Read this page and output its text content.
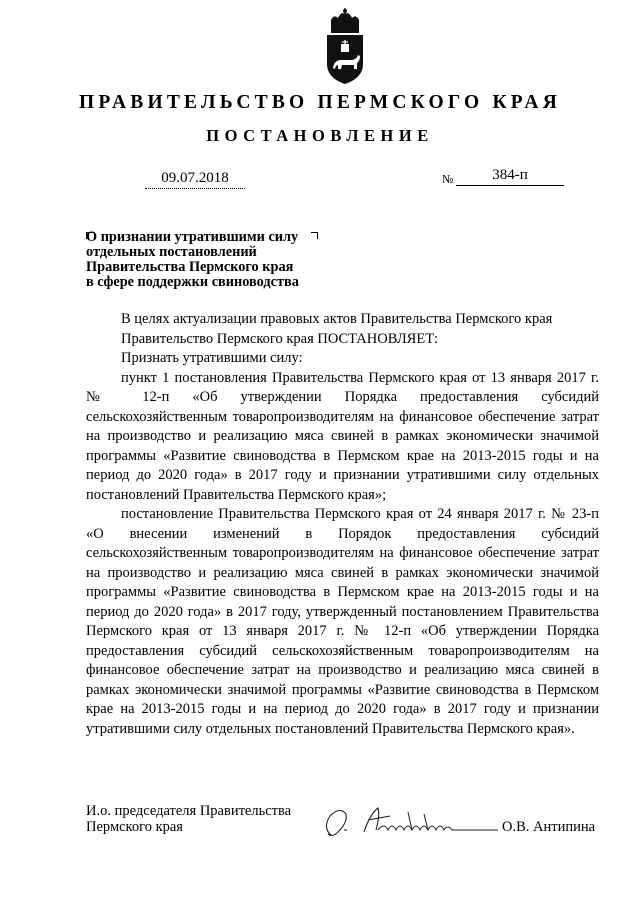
ПРАВИТЕЛЬСТВО ПЕРМСКОГО КРАЯ
ПОСТАНОВЛЕНИЕ
09.07.2018	№	384-п
О признании утратившими силу
отдельных постановлений
Правительства Пермского края
в сфере поддержки свиноводства
В целях актуализации правовых актов Правительства Пермского края
Правительство Пермского края ПОСТАНОВЛЯЕТ:
Признать утратившими силу:

пункт 1 постановления Правительства Пермского края от 13 января 2017 г. № 12-п «Об утверждении Порядка предоставления субсидий сельскохозяйственным товаропроизводителям на финансовое обеспечение затрат на производство и реализацию мяса свиней в рамках экономически значимой программы «Развитие свиноводства в Пермском крае на 2013-2015 годы и на период до 2020 года» в 2017 году и признании утратившими силу отдельных постановлений Правительства Пермского края»;

постановление Правительства Пермского края от 24 января 2017 г. № 23-п «О внесении изменений в Порядок предоставления субсидий сельскохозяйственным товаропроизводителям на финансовое обеспечение затрат на производство и реализацию мяса свиней в рамках экономически значимой программы «Развитие свиноводства в Пермском крае на 2013-2015 годы и на период до 2020 года» в 2017 году, утвержденный постановлением Правительства Пермского края от 13 января 2017 г. № 12-п «Об утверждении Порядка предоставления субсидий сельскохозяйственным товаропроизводителям на финансовое обеспечение затрат на производство и реализацию мяса свиней в рамках экономически значимой программы «Развитие свиноводства в Пермском крае на 2013-2015 годы и на период до 2020 года» в 2017 году и признании утратившими силу отдельных постановлений Правительства Пермского края».

И.о. председателя Правительства
Пермского края	О.В. Антипина
